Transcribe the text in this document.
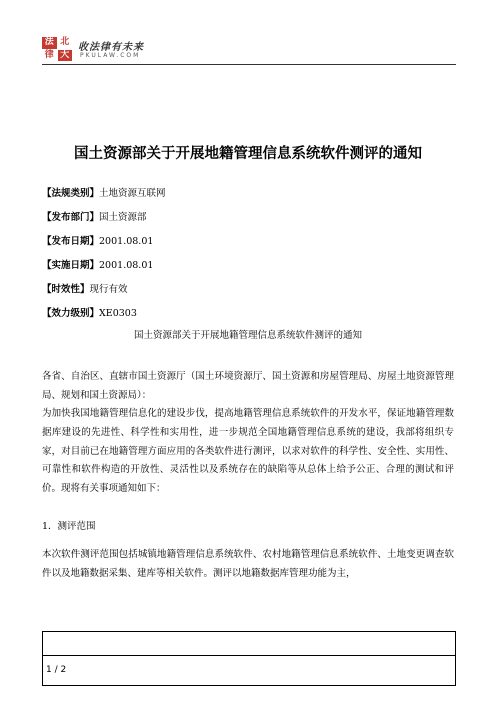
法 北
律 大
收法律有未来
PKULAW.COM
国土资源部关于开展地籍管理信息系统软件测评的通知
【法规类别】土地资源互联网
【发布部门】国土资源部
【发布日期】2001.08.01
【实施日期】2001.08.01
【时效性】现行有效
【效力级别】XE0303
国土资源部关于开展地籍管理信息系统软件测评的通知
各省、自治区、直辖市国土资源厅（国土环境资源厅、国土资源和房屋管理局、房屋土地资源管理局、规划和国土资源局）：
为加快我国地籍管理信息化的建设步伐，提高地籍管理信息系统软件的开发水平，保证地籍管理数据库建设的先进性、科学性和实用性，进一步规范全国地籍管理信息系统的建设，我部将组织专家，对目前已在地籍管理方面应用的各类软件进行测评，以求对软件的科学性、安全性、实用性、可靠性和软件构造的开放性、灵活性以及系统存在的缺陷等从总体上给予公正、合理的测试和评价。现将有关事项通知如下：
1．测评范围
本次软件测评范围包括城镇地籍管理信息系统软件、农村地籍管理信息系统软件、土地变更调查软件以及地籍数据采集、建库等相关软件。测评以地籍数据库管理功能为主，
1 / 2
